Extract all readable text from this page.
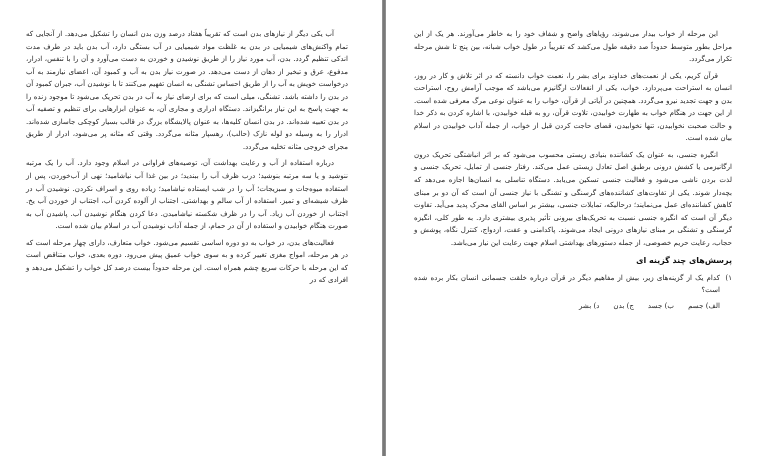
آب یکی دیگر از نیازهای بدن است که تقریباً هفتاد درصد وزن بدن انسان را تشکیل می‌دهد. از آنجایی که تمام واکنش‌های شیمیایی در بدن به غلظت مواد شیمیایی در آب بستگی دارد، آب بدن باید در طرف مدت اندکی تنظیم گردد. بدن، آب مورد نیاز را از طریق نوشیدن و خوردن به دست می‌آورد و آن را با تنفس، ادرار، مدفوع، عرق و تبخیر از دهان از دست می‌دهد. در صورت نیاز بدن به آب و کمبود آن، اعضای نیازمند به آب درخواست خویش به آب را از طریق احساس تشنگی به انسان تفهیم می‌کنند تا با نوشیدن آب، جبران کمبود آن در بدن را داشته باشد. تشنگی، میلی است که برای ارضای نیاز به آب در بدن تحریک می‌شود تا موجود زنده را به جهت پاسخ به این نیاز برانگیزاند. دستگاه ادراری و مجاری آن، به عنوان ابزارهایی برای تنظیم و تصفیه آب در بدن تعبیه شده‌اند. در بدن انسان کلیه‌ها، به عنوان پالایشگاه بزرگ در قالب بسیار کوچکی جاسازی شده‌اند. ادرار را به وسیله دو لوله نازک (حالب)، رهسپار مثانه می‌گردد. وقتی که مثانه پر می‌شود، ادرار از طریق مجرای خروجی مثانه تخلیه می‌گردد.

درباره استفاده از آب و رعایت بهداشت آن، توصیه‌های فراوانی در اسلام وجود دارد. آب را یک مرتبه ننوشید و یا سه مرتبه بنوشید؛ درب ظرف آب را ببندید؛ در بین غذا آب نیاشامید؛ نهی از آب‌خوردن، پس از استفاده میوه‌جات و سبزیجات؛ آب را در شب ایستاده نیاشامید؛ زیاده روی و اسراف نکردن. نوشیدن آب در ظرف شیشه‌ای و تمیز. استفاده از آب سالم و بهداشتی. اجتناب از آلوده کردن آب، اجتناب از خوردن آب یخ. اجتناب از خوردن آب زیاد. آب را در ظرف شکسته نیاشامیدن. دعا کردن هنگام نوشیدن آب. پاشیدن آب به صورت هنگام خوابیدن و استفاده از آن در حمام، از جمله آداب نوشیدن آب در اسلام بیان شده است.

فعالیت‌های بدن، در خواب به دو دوره اساسی تقسیم می‌شود. خواب متعارف، دارای چهار مرحله است که در هر مرحله، امواج مغزی تغییر کرده و به سوی خواب عمیق پیش می‌رود. دوره بعدی، خواب متناقض است که این مرحله با حرکات سریع چشم همراه است. این مرحله حدوداً بیست درصد کل خواب را تشکیل می‌دهد و افرادی که در

این مرحله از خواب بیدار می‌شوند، رؤیاهای واضح و شفاف خود را به خاطر می‌آورند. هر یک از این مراحل بطور متوسط حدوداً صد دقیقه طول می‌کشد که تقریباً در طول خواب شبانه، بین پنج تا شش مرحله تکرار می‌گردد.

قرآن کریم، یکی از نعمت‌های خداوند برای بشر را، نعمت خواب دانسته که در اثر تلاش و کار در روز، انسان به استراحت می‌پردازد. خواب، یکی از انفعالات ارگانیزم می‌باشد که موجب آرامش روح، استراحت بدن و جهت تجدید نیرو می‌گردد. همچنین در آیاتی از قرآن، خواب را به عنوان نوعی مرگ معرفی شده است. از این جهت در هنگام خواب به طهارت خوابیدن، تلاوت قرآن، رو به قبله خوابیدن، با اشاره کردن به ذکر خدا و حالت صحبت نخوابیدن، تنها نخوابیدن، قضای حاجت کردن قبل از خواب، از جمله آداب خوابیدن در اسلام بیان شده است.

انگیزه جنسی، به عنوان یک کشاننده بنیادی زیستی محسوب می‌شود که بر اثر انباشتگی تحریک درون ارگانیزمی یا کشش درونی برطبق اصل تعادل زیستی عمل می‌کند. رفتار جنسی از تمایل، تحریک جنسی و لذت بردن ناشی می‌شود و فعالیت جنسی تسکین می‌یابد. دستگاه تناسلی به انسان‌ها اجازه می‌دهد که بچه‌دار شوند. یکی از تفاوت‌های کشاننده‌های گرسنگی و تشنگی با نیاز جنسی آن است که آن دو بر مبنای کاهش کشاننده‌ای عمل می‌نمایند؛ درحالیکه، تمایلات جنسی، بیشتر بر اساس القای محرک پدید می‌آید. تفاوت دیگر آن است که انگیزه جنسی نسبت به تحریک‌های بیرونی تأثیر پذیری بیشتری دارد. به طور کلی، انگیزه گرسنگی و تشنگی بر مبنای نیازهای درونی ایجاد می‌شوند. پاکدامنی و عفت، ازدواج، کنترل نگاه، پوشش و حجاب، رعایت حریم خصوصی، از جمله دستورهای بهداشتی اسلام جهت رعایت این نیاز می‌باشد.

پرسش‌های چند گزینه ای
۱)
کدام یک از گزینه‌های زیر، بیش از مفاهیم دیگر در قرآن درباره خلقت جسمانی انسان بکار برده شده است؟
الف) جسم
ب) جسد
ج) بدن
د) بشر
